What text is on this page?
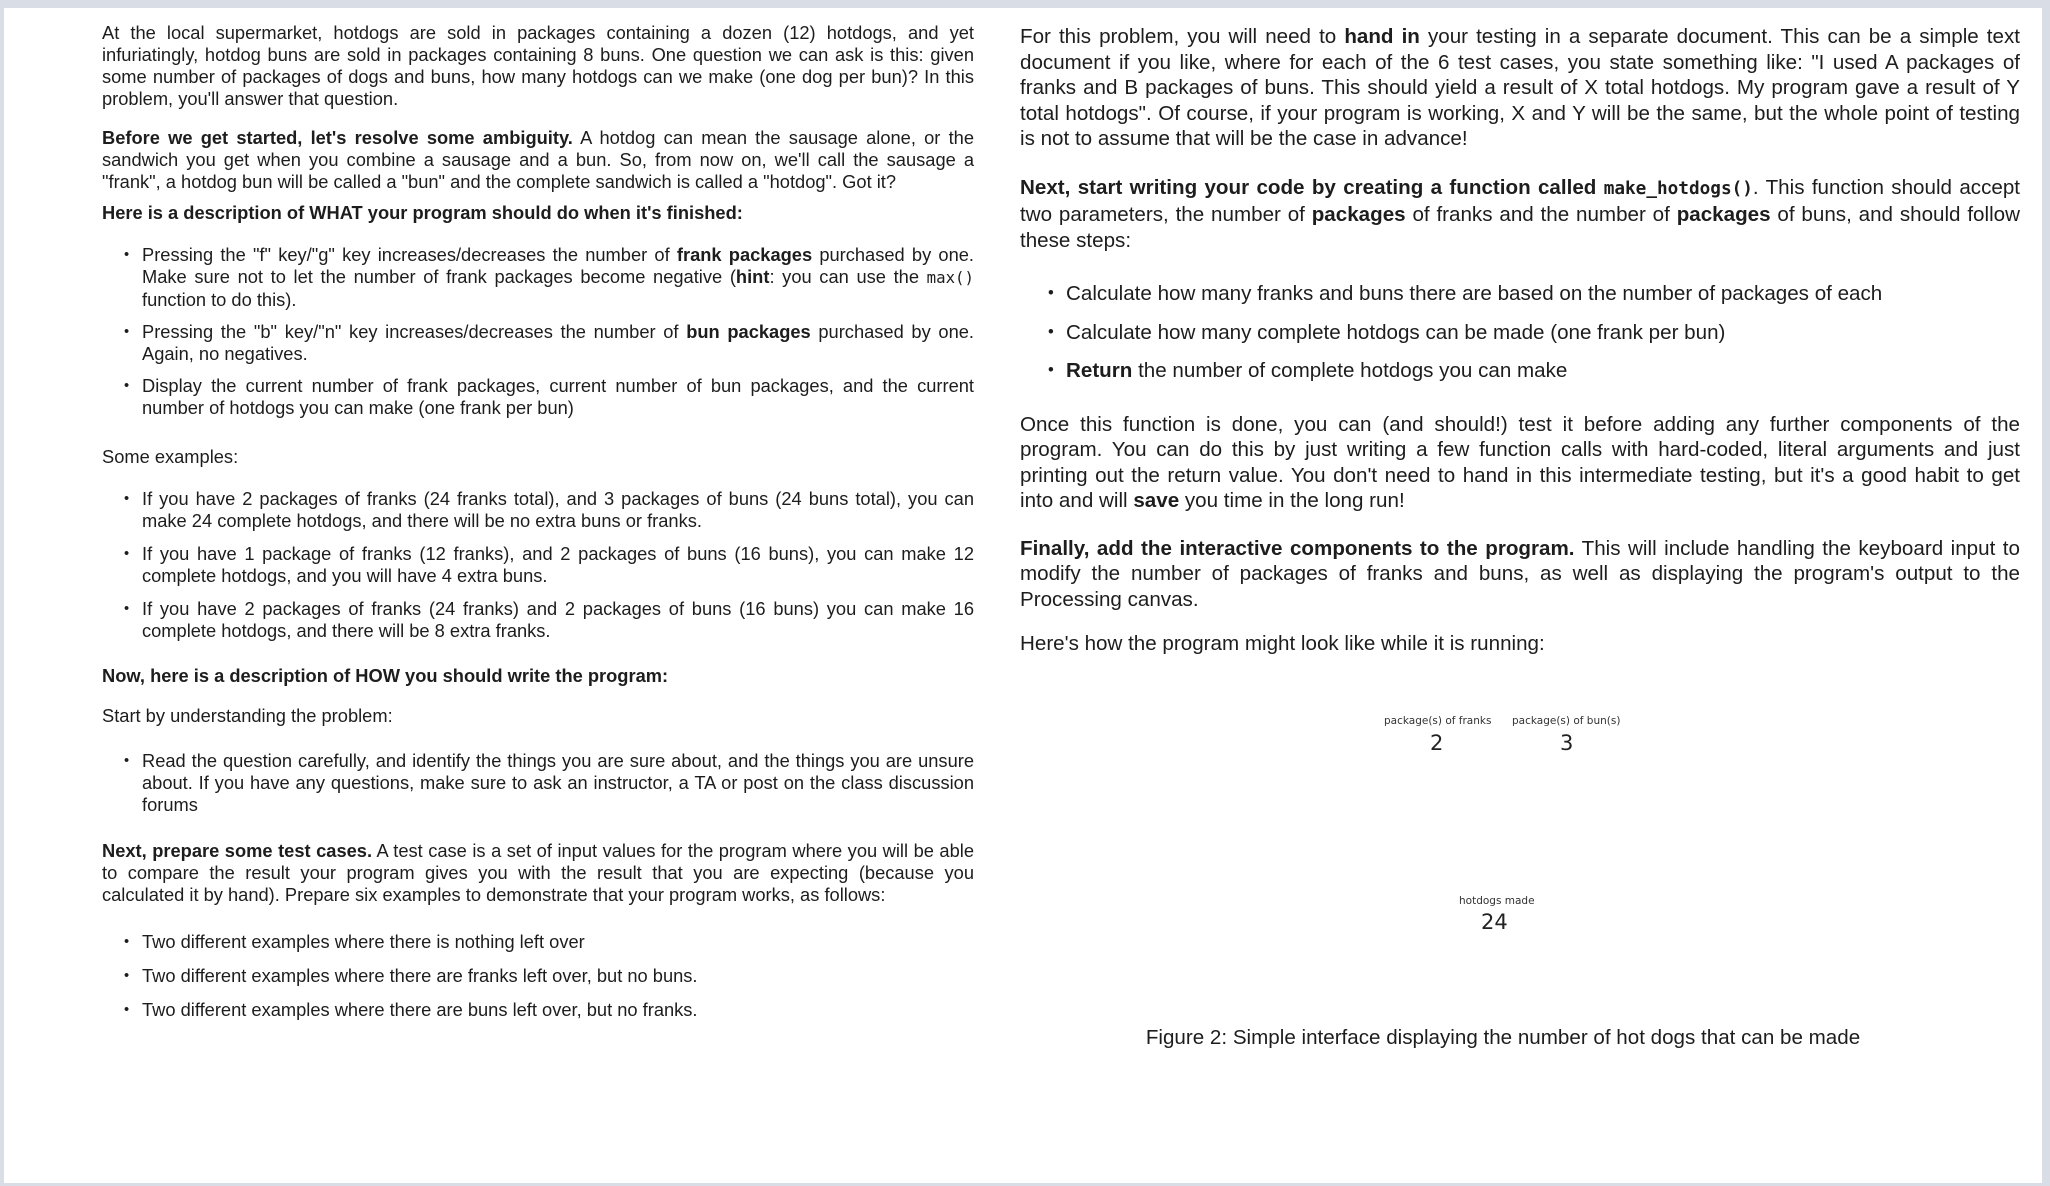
At the local supermarket, hotdogs are sold in packages containing a dozen (12) hotdogs, and yet infuriatingly, hotdog buns are sold in packages containing 8 buns. One question we can ask is this: given some number of packages of dogs and buns, how many hotdogs can we make (one dog per bun)? In this problem, you'll answer that question.

Before we get started, let's resolve some ambiguity. A hotdog can mean the sausage alone, or the sandwich you get when you combine a sausage and a bun. So, from now on, we'll call the sausage a "frank", a hotdog bun will be called a "bun" and the complete sandwich is called a "hotdog". Got it?

Here is a description of WHAT your program should do when it's finished:

• Pressing the "f" key/"g" key increases/decreases the number of frank packages purchased by one. Make sure not to let the number of frank packages become negative (hint: you can use the max() function to do this).
• Pressing the "b" key/"n" key increases/decreases the number of bun packages purchased by one. Again, no negatives.
• Display the current number of frank packages, current number of bun packages, and the current number of hotdogs you can make (one frank per bun)

Some examples:

• If you have 2 packages of franks (24 franks total), and 3 packages of buns (24 buns total), you can make 24 complete hotdogs, and there will be no extra buns or franks.
• If you have 1 package of franks (12 franks), and 2 packages of buns (16 buns), you can make 12 complete hotdogs, and you will have 4 extra buns.
• If you have 2 packages of franks (24 franks) and 2 packages of buns (16 buns) you can make 16 complete hotdogs, and there will be 8 extra franks.

Now, here is a description of HOW you should write the program:

Start by understanding the problem:

• Read the question carefully, and identify the things you are sure about, and the things you are unsure about. If you have any questions, make sure to ask an instructor, a TA or post on the class discussion forums

Next, prepare some test cases. A test case is a set of input values for the program where you will be able to compare the result your program gives you with the result that you are expecting (because you calculated it by hand). Prepare six examples to demonstrate that your program works, as follows:

• Two different examples where there is nothing left over
• Two different examples where there are franks left over, but no buns.
• Two different examples where there are buns left over, but no franks.

For this problem, you will need to hand in your testing in a separate document. This can be a simple text document if you like, where for each of the 6 test cases, you state something like: "I used A packages of franks and B packages of buns. This should yield a result of X total hotdogs. My program gave a result of Y total hotdogs". Of course, if your program is working, X and Y will be the same, but the whole point of testing is not to assume that will be the case in advance!

Next, start writing your code by creating a function called make_hotdogs(). This function should accept two parameters, the number of packages of franks and the number of packages of buns, and should follow these steps:

• Calculate how many franks and buns there are based on the number of packages of each
• Calculate how many complete hotdogs can be made (one frank per bun)
• Return the number of complete hotdogs you can make

Once this function is done, you can (and should!) test it before adding any further components of the program. You can do this by just writing a few function calls with hard-coded, literal arguments and just printing out the return value. You don't need to hand in this intermediate testing, but it's a good habit to get into and will save you time in the long run!

Finally, add the interactive components to the program. This will include handling the keyboard input to modify the number of packages of franks and buns, as well as displaying the program's output to the Processing canvas.

Here's how the program might look like while it is running:

package(s) of franks
2
package(s) of bun(s)
3
hotdogs made
24

Figure 2: Simple interface displaying the number of hot dogs that can be made
